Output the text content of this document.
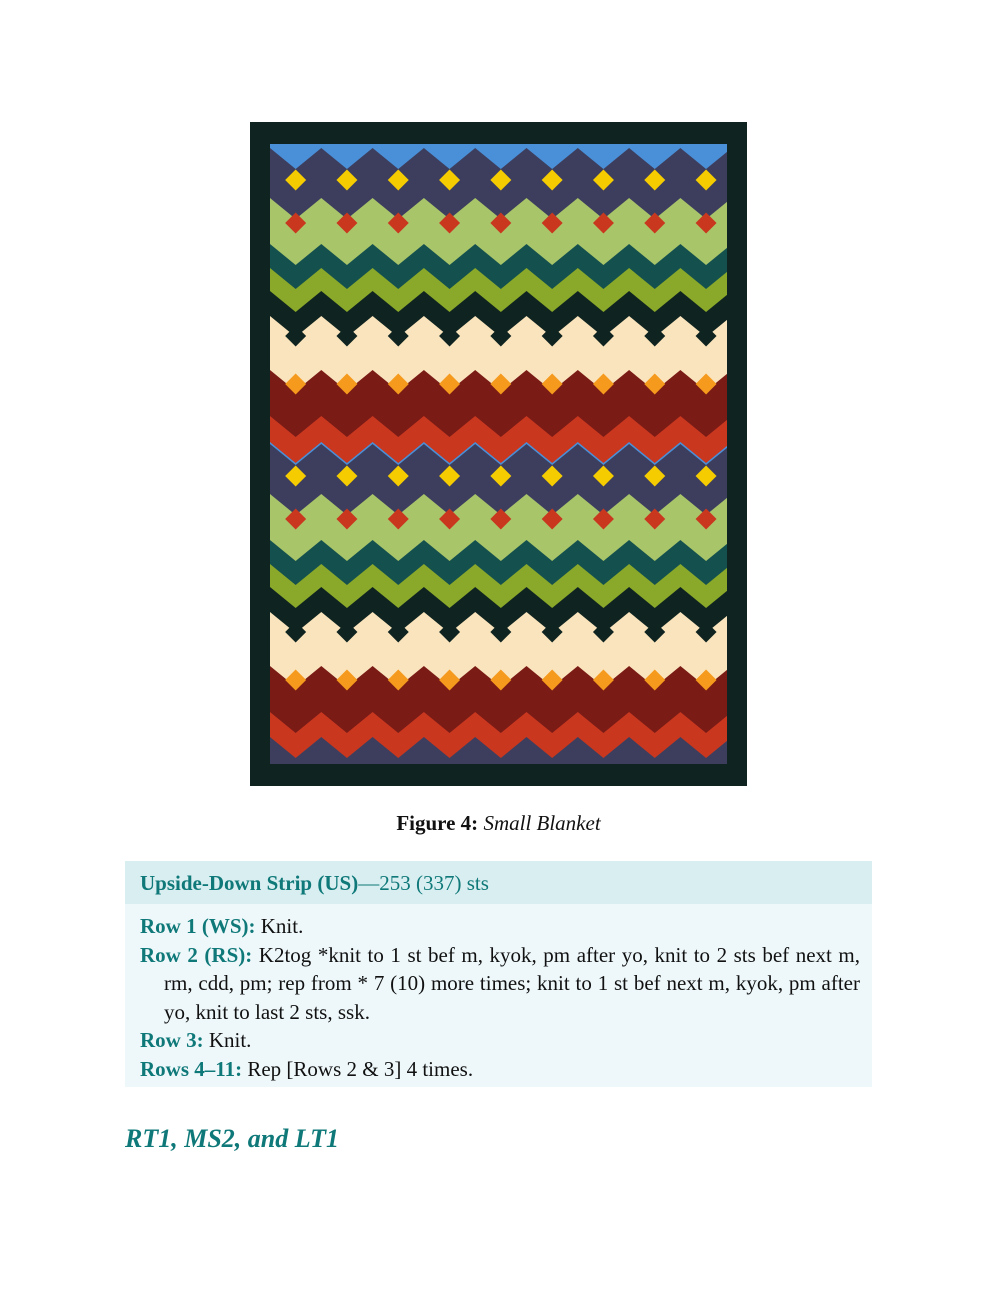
Figure 4: Small Blanket
Upside-Down Strip (US)—253 (337) sts
Row 1 (WS): Knit.
Row 2 (RS): K2tog *knit to 1 st bef m, kyok, pm after yo, knit to 2 sts bef next m, rm, cdd, pm; rep from * 7 (10) more times; knit to 1 st bef next m, kyok, pm after yo, knit to last 2 sts, ssk.
Row 3: Knit.
Rows 4–11: Rep [Rows 2 & 3] 4 times.
RT1, MS2, and LT1
